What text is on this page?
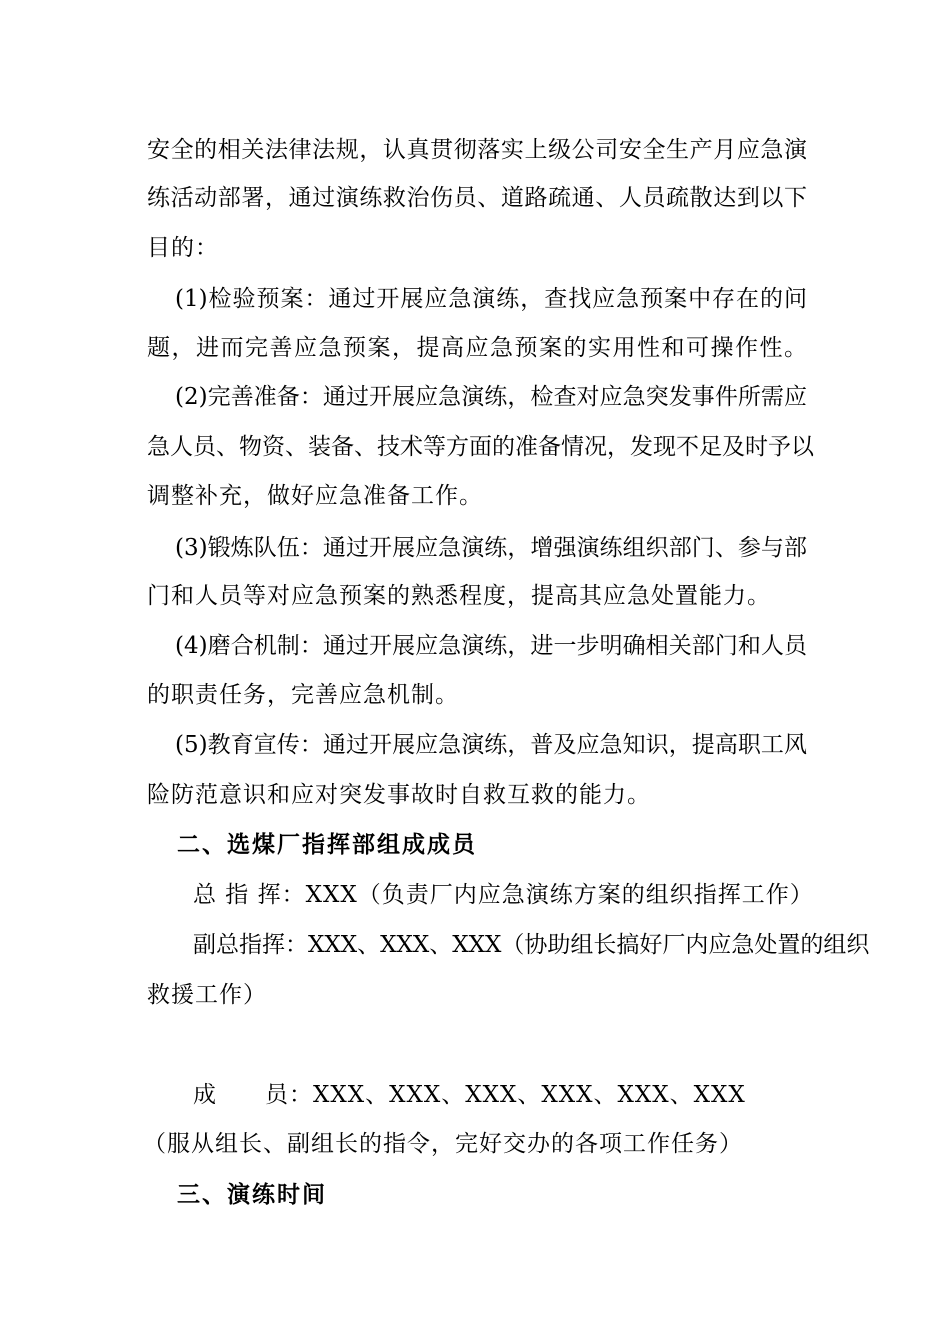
安全的相关法律法规，认真贯彻落实上级公司安全生产月应急演
练活动部署，通过演练救治伤员、道路疏通、人员疏散达到以下
目的：
(1)检验预案：通过开展应急演练，查找应急预案中存在的问
题，进而完善应急预案，提高应急预案的实用性和可操作性。
(2)完善准备：通过开展应急演练，检查对应急突发事件所需应
急人员、物资、装备、技术等方面的准备情况，发现不足及时予以
调整补充，做好应急准备工作。
(3)锻炼队伍：通过开展应急演练，增强演练组织部门、参与部
门和人员等对应急预案的熟悉程度，提高其应急处置能力。
(4)磨合机制：通过开展应急演练，进一步明确相关部门和人员
的职责任务，完善应急机制。
(5)教育宣传：通过开展应急演练，普及应急知识，提高职工风
险防范意识和应对突发事故时自救互救的能力。
二、选煤厂指挥部组成成员
总 指 挥：XXX（负责厂内应急演练方案的组织指挥工作）
副总指挥：XXX、XXX、XXX（协助组长搞好厂内应急处置的组织
救援工作）
成　　员：XXX、XXX、XXX、XXX、XXX、XXX
（服从组长、副组长的指令，完好交办的各项工作任务）
三、演练时间
